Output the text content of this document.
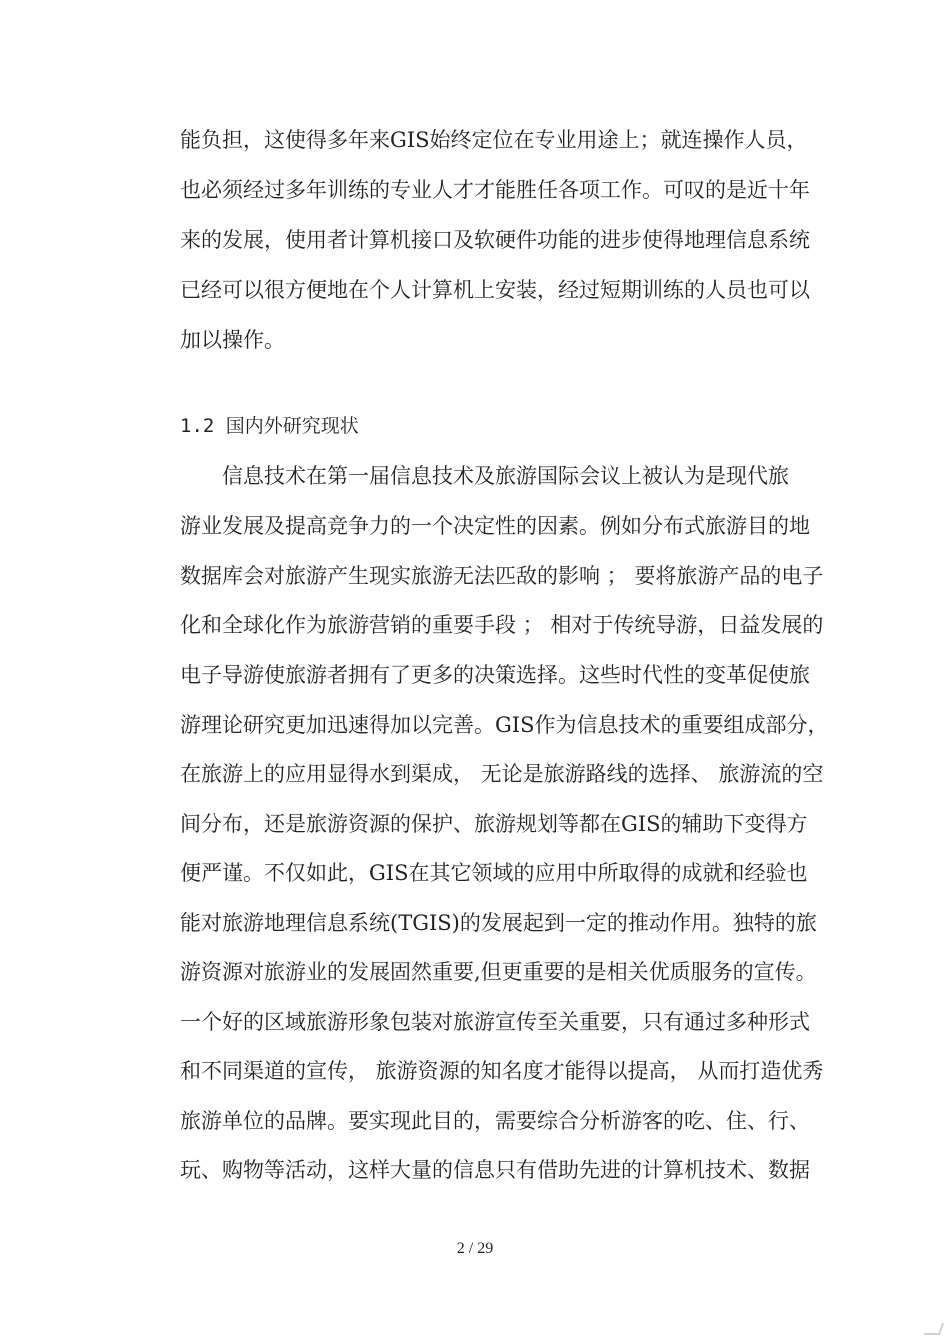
能负担，这使得多年来GIS始终定位在专业用途上；就连操作人员，
也必须经过多年训练的专业人才才能胜任各项工作。可叹的是近十年
来的发展，使用者计算机接口及软硬件功能的进步使得地理信息系统
已经可以很方便地在个人计算机上安装，经过短期训练的人员也可以
加以操作。
1.2 国内外研究现状
信息技术在第一届信息技术及旅游国际会议上被认为是现代旅
游业发展及提高竞争力的一个决定性的因素。例如分布式旅游目的地
数据库会对旅游产生现实旅游无法匹敌的影响 ； 要将旅游产品的电子
化和全球化作为旅游营销的重要手段 ； 相对于传统导游，日益发展的
电子导游使旅游者拥有了更多的决策选择。这些时代性的变革促使旅
游理论研究更加迅速得加以完善。GIS作为信息技术的重要组成部分，
在旅游上的应用显得水到渠成， 无论是旅游路线的选择、 旅游流的空
间分布，还是旅游资源的保护、旅游规划等都在GIS的辅助下变得方
便严谨。不仅如此，GIS在其它领域的应用中所取得的成就和经验也
能对旅游地理信息系统(TGIS)的发展起到一定的推动作用。独特的旅
游资源对旅游业的发展固然重要,但更重要的是相关优质服务的宣传。
一个好的区域旅游形象包装对旅游宣传至关重要，只有通过多种形式
和不同渠道的宣传， 旅游资源的知名度才能得以提高， 从而打造优秀
旅游单位的品牌。要实现此目的，需要综合分析游客的吃、住、行、
玩、购物等活动，这样大量的信息只有借助先进的计算机技术、数据
2 / 29
